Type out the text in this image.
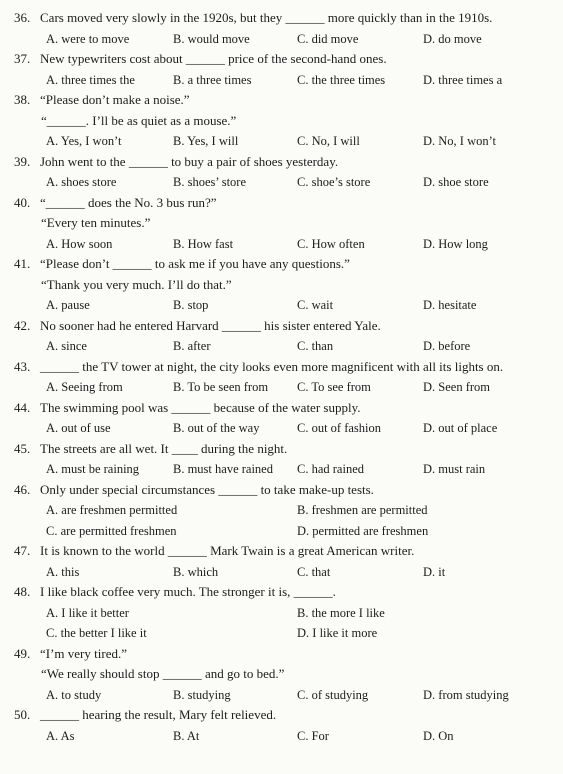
36. Cars moved very slowly in the 1920s, but they ______ more quickly than in the 1910s.
A. were to move	B. would move	C. did move	D. do move
37. New typewriters cost about ______ price of the second-hand ones.
A. three times the	B. a three times	C. the three times	D. three times a
38. “Please don’t make a noise.”
“______. I’ll be as quiet as a mouse.”
A. Yes, I won’t	B. Yes, I will	C. No, I will	D. No, I won’t
39. John went to the ______ to buy a pair of shoes yesterday.
A. shoes store	B. shoes’ store	C. shoe’s store	D. shoe store
40. “______ does the No. 3 bus run?”
“Every ten minutes.”
A. How soon	B. How fast	C. How often	D. How long
41. “Please don’t ______ to ask me if you have any questions.”
“Thank you very much. I’ll do that.”
A. pause	B. stop	C. wait	D. hesitate
42. No sooner had he entered Harvard ______ his sister entered Yale.
A. since	B. after	C. than	D. before
43. ______ the TV tower at night, the city looks even more magnificent with all its lights on.
A. Seeing from	B. To be seen from C. To see from	D. Seen from
44. The swimming pool was ______ because of the water supply.
A. out of use	B. out of the way	C. out of fashion	D. out of place
45. The streets are all wet. It ____ during the night.
A. must be raining	B. must have rained C. had rained	D. must rain
46. Only under special circumstances ______ to take make-up tests.
A. are freshmen permitted	B. freshmen are permitted
C. are permitted freshmen	D. permitted are freshmen
47. It is known to the world ______ Mark Twain is a great American writer.
A. this	B. which	C. that	D. it
48. I like black coffee very much. The stronger it is, ______.
A. I like it better	B. the more I like
C. the better I like it	D. I like it more
49. “I’m very tired.”
“We really should stop ______ and go to bed.”
A. to study	B. studying	C. of studying	D. from studying
50. ______ hearing the result, Mary felt relieved.
A. As	B. At	C. For	D. On
